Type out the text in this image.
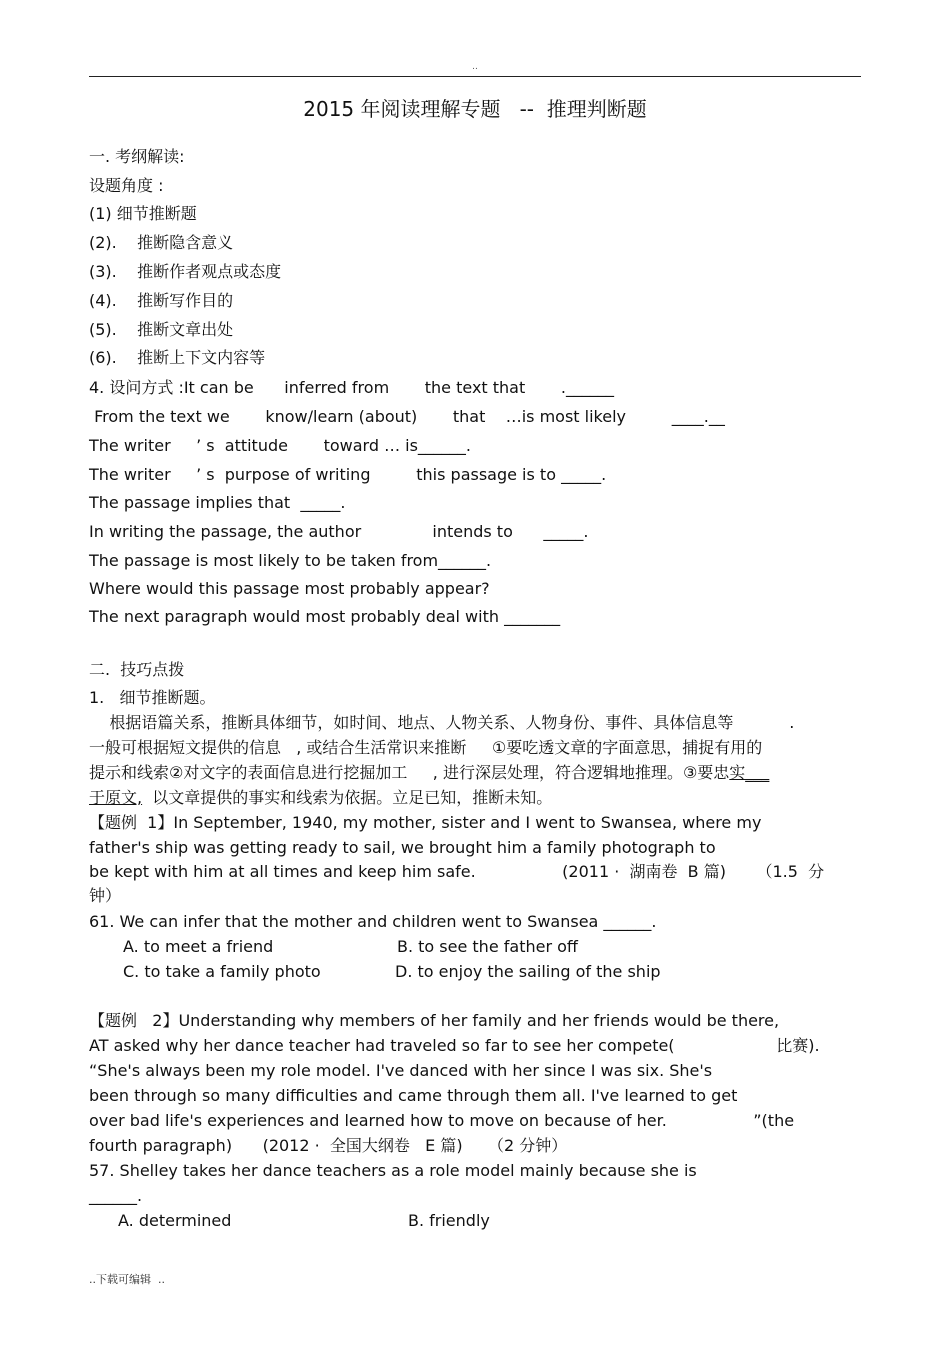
..
2015 年阅读理解专题   --  推理判断题
一. 考纲解读:
设题角度 :
(1) 细节推断题
(2).    推断隐含意义
(3).    推断作者观点或态度
(4).    推断写作目的
(5).    推断文章出处
(6).    推断上下文内容等
4. 设问方式 :It can be      inferred from       the text that       .______
From the text we       know/learn (about)       that    …is most likely         ____.__
The writer     ’ s  attitude       toward … is______.
The writer     ’ s  purpose of writing         this passage is to _____.
The passage implies that  _____.
In writing the passage, the author              intends to      _____.
The passage is most likely to be taken from______.
Where would this passage most probably appear?
The next paragraph would most probably deal with _______
二.  技巧点拨
1.   细节推断题。
根据语篇关系，推断具体细节，如时间、地点、人物关系、人物身份、事件、具体信息等           .
一般可根据短文提供的信息   , 或结合生活常识来推断     ①要吃透文章的字面意思，捕捉有用的
提示和线索②对文字的表面信息进行挖掘加工     , 进行深层处理，符合逻辑地推理。③要忠实___
于原文,  以文章提供的事实和线索为依据。立足已知，推断未知。
【题例  1】In September, 1940, my mother, sister and I went to Swansea, where my
father's ship was getting ready to sail, we brought him a family photograph to
be kept with him at all times and keep him safe.                 (2011 ·  湖南卷  B 篇)      （1.5  分
钟）
61. We can infer that the mother and children went to Swansea ______.
A. to meet a friend	B. to see the father off
C. to take a family photo	D. to enjoy the sailing of the ship
【题例   2】Understanding why members of her family and her friends would be there,
AT asked why her dance teacher had traveled so far to see her compete(                    比赛).
“She's always been my role model. I've danced with her since I was six. She's
been through so many difficulties and came through them all. I've learned to get
over bad life's experiences and learned how to move on because of her.                 ”(the
fourth paragraph)      (2012 ·  全国大纲卷   E 篇)     （2 分钟）
57. Shelley takes her dance teachers as a role model mainly because she is
______.
A. determined	B. friendly
..下载可编辑  ..
